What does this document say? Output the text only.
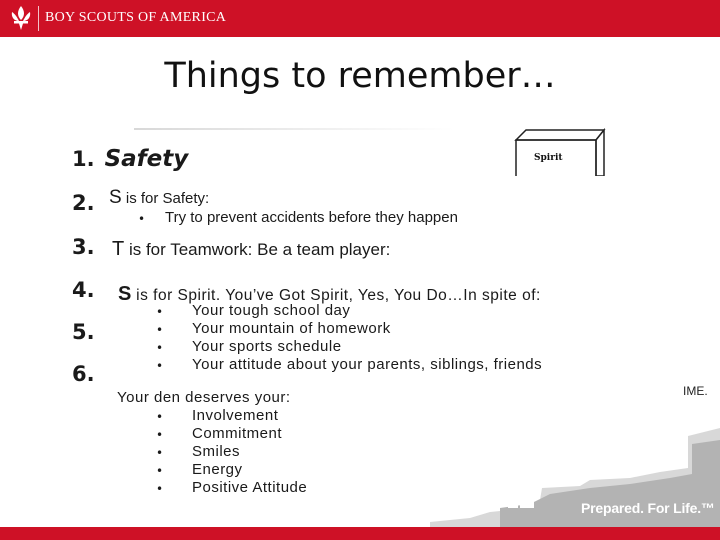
BOY SCOUTS OF AMERICA
Things to remember…
Spirit
1. Safety
2.
3.
4.
5.
6.
S is for Safety:
• Try to prevent accidents before they happen
T is for Teamwork: Be a team player:
S is for Spirit. You’ve Got Spirit, Yes, You Do…In spite of:
• Your tough school day
• Your mountain of homework
• Your sports schedule
• Your attitude about your parents, siblings, friends
Your den deserves your:
• Involvement
• Commitment
• Smiles
• Energy
• Positive Attitude
IME.
Prepared. For Life.™
